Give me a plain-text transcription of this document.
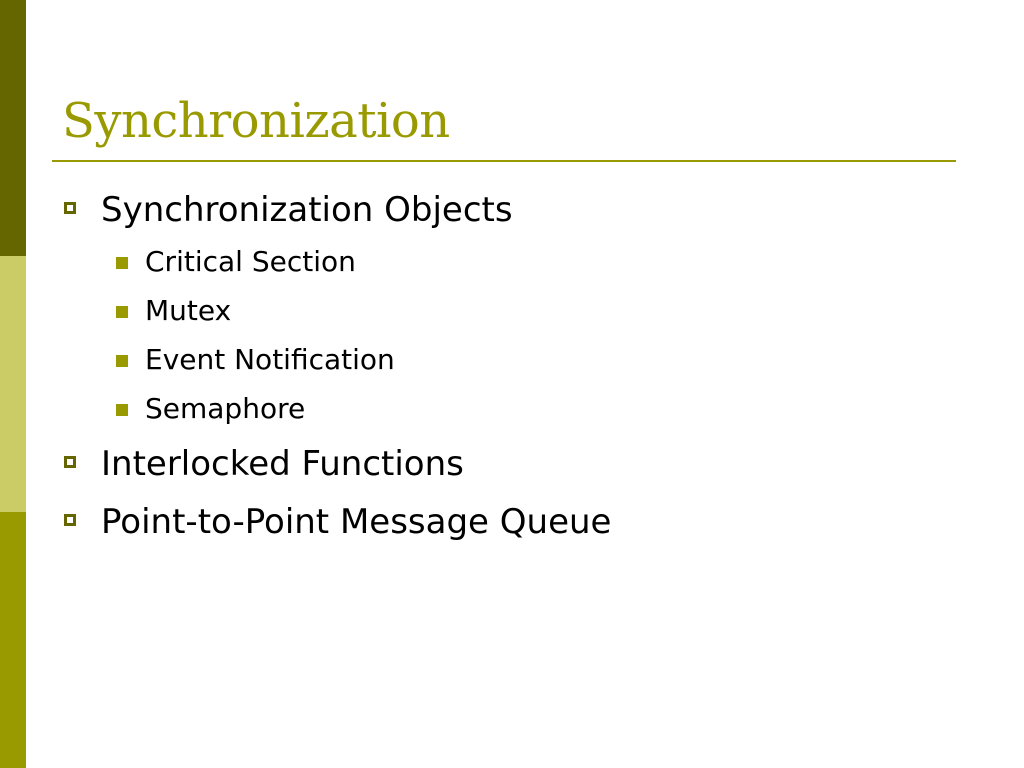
Synchronization
Synchronization Objects
Critical Section
Mutex
Event Notification
Semaphore
Interlocked Functions
Point-to-Point Message Queue
